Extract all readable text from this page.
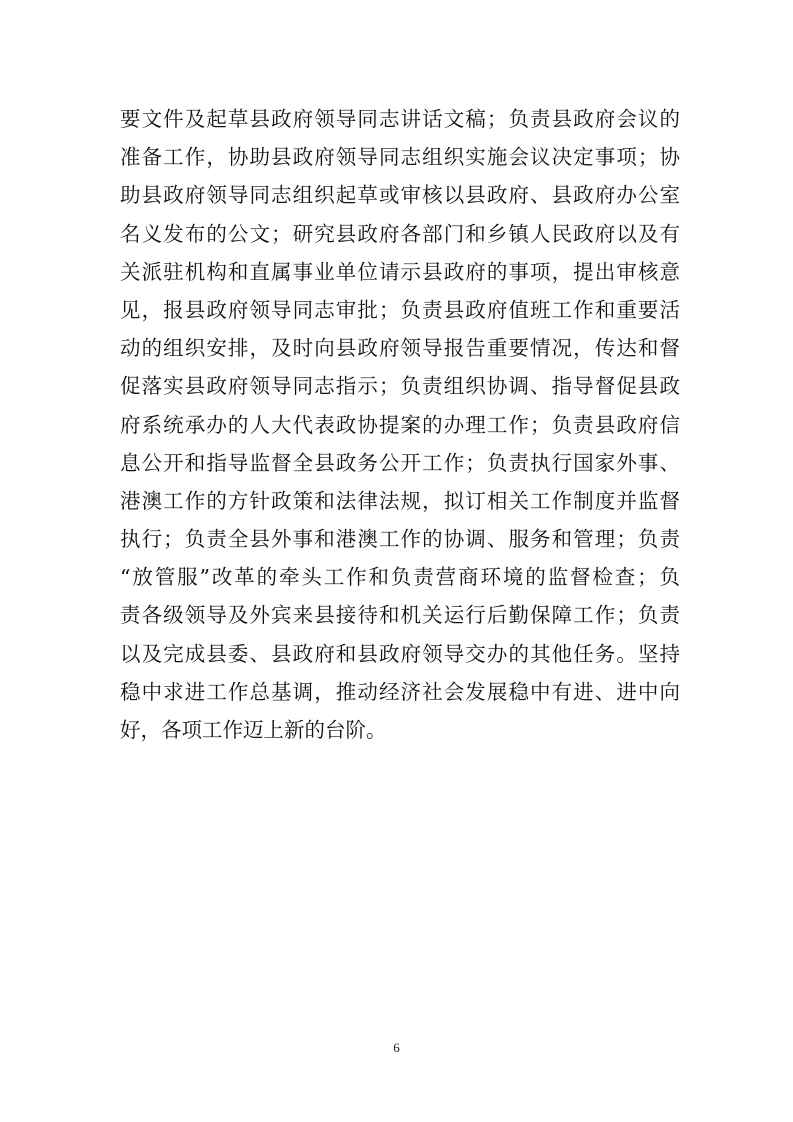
要文件及起草县政府领导同志讲话文稿；负责县政府会议的
准备工作，协助县政府领导同志组织实施会议决定事项；协
助县政府领导同志组织起草或审核以县政府、县政府办公室
名义发布的公文；研究县政府各部门和乡镇人民政府以及有
关派驻机构和直属事业单位请示县政府的事项，提出审核意
见，报县政府领导同志审批；负责县政府值班工作和重要活
动的组织安排，及时向县政府领导报告重要情况，传达和督
促落实县政府领导同志指示；负责组织协调、指导督促县政
府系统承办的人大代表政协提案的办理工作；负责县政府信
息公开和指导监督全县政务公开工作；负责执行国家外事、
港澳工作的方针政策和法律法规，拟订相关工作制度并监督
执行；负责全县外事和港澳工作的协调、服务和管理；负责
“放管服”改革的牵头工作和负责营商环境的监督检查；负
责各级领导及外宾来县接待和机关运行后勤保障工作；负责
以及完成县委、县政府和县政府领导交办的其他任务。坚持
稳中求进工作总基调，推动经济社会发展稳中有进、进中向
好，各项工作迈上新的台阶。
6
